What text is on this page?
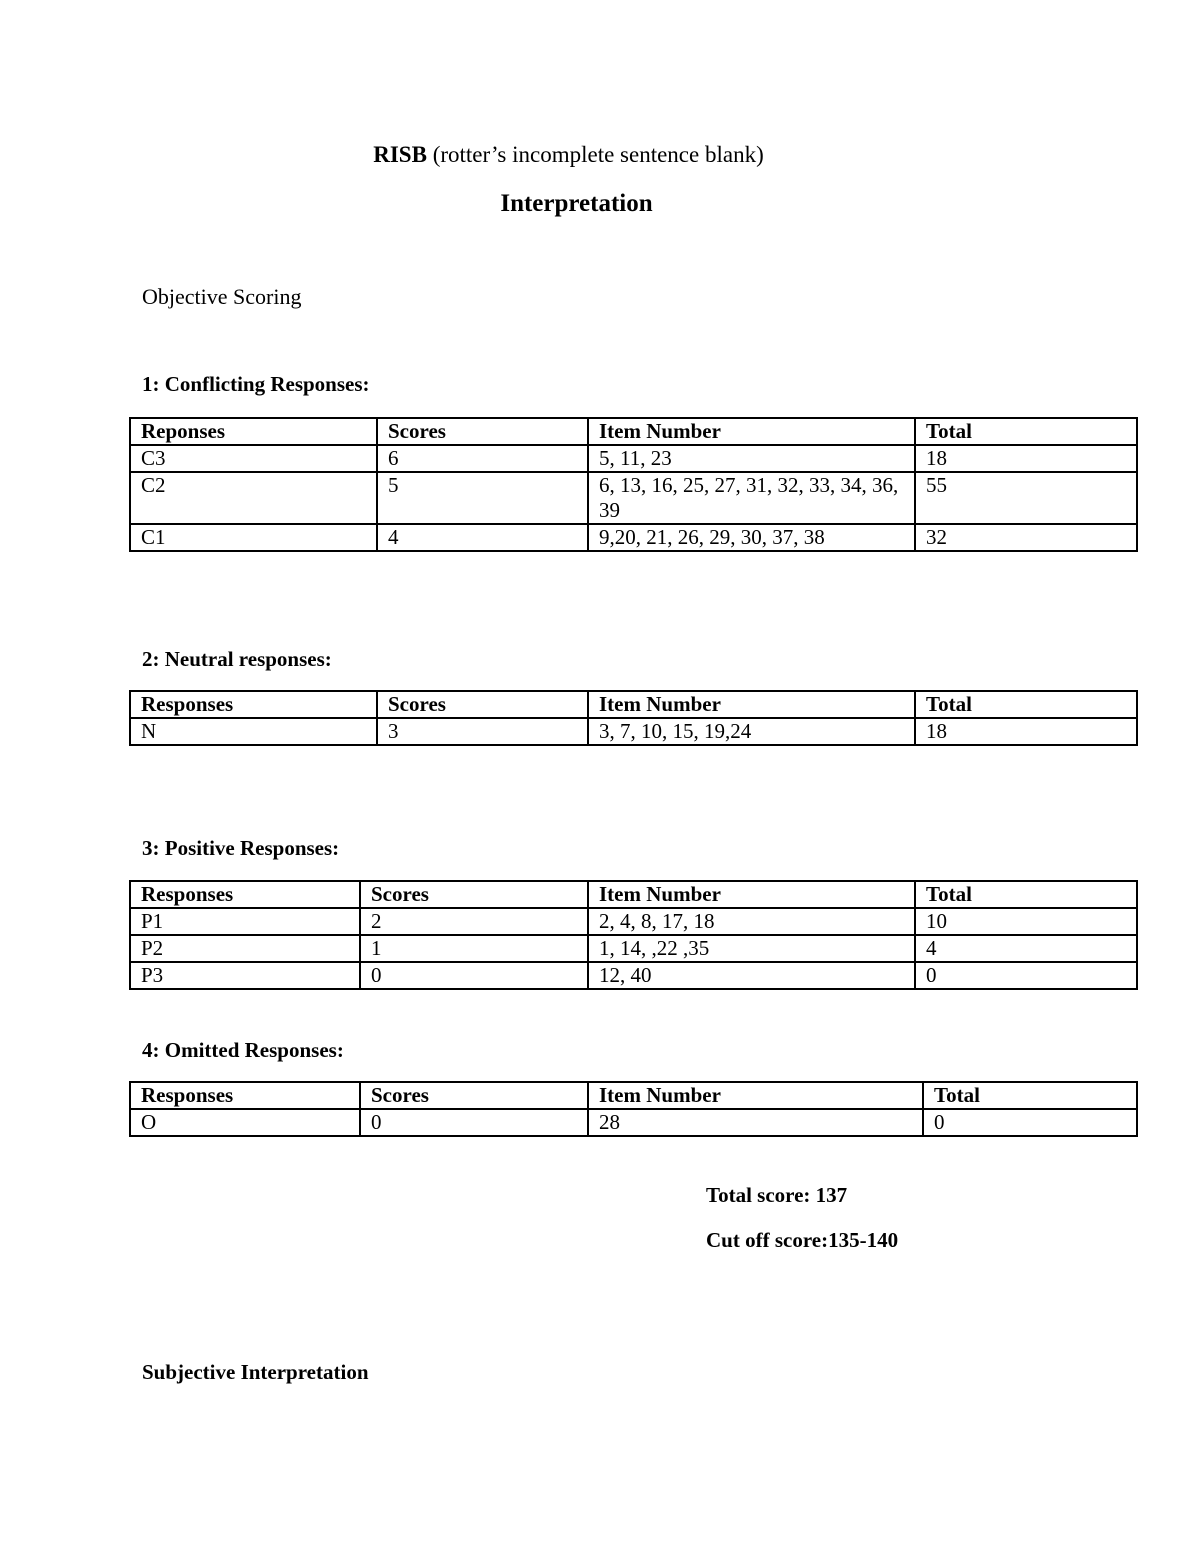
RISB (rotter’s incomplete sentence blank)
Interpretation
Objective Scoring
1: Conflicting Responses:
Reponses	Scores	Item Number	Total
C3	6	5, 11, 23	18
C2	5	6, 13, 16, 25, 27, 31, 32, 33, 34, 36, 39	55
C1	4	9,20, 21, 26, 29, 30, 37, 38	32
2: Neutral responses:
Responses	Scores	Item Number	Total
N	3	3, 7, 10, 15, 19,24	18
3: Positive Responses:
Responses	Scores	Item Number	Total
P1	2	2, 4, 8, 17, 18	10
P2	1	1, 14, ,22 ,35	4
P3	0	12, 40	0
4: Omitted Responses:
Responses	Scores	Item Number	Total
O	0	28	0
Total score: 137
Cut off score:135-140
Subjective Interpretation
